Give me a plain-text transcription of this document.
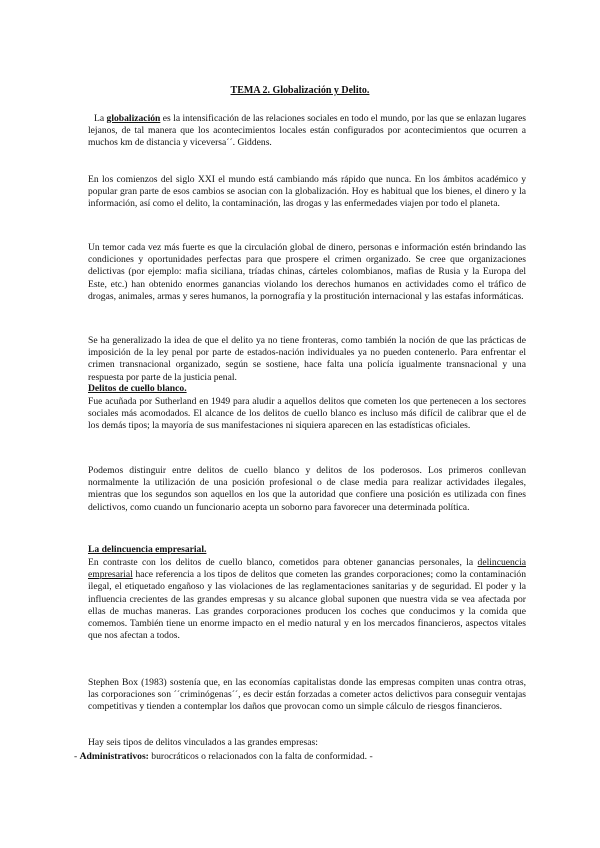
TEMA 2. Globalización y Delito.

La globalización es la intensificación de las relaciones sociales en todo el mundo, por las que se enlazan lugares lejanos, de tal manera que los acontecimientos locales están configurados por acontecimientos que ocurren a muchos km de distancia y viceversa´´. Giddens.

En los comienzos del siglo XXI el mundo está cambiando más rápido que nunca. En los ámbitos académico y popular gran parte de esos cambios se asocian con la globalización. Hoy es habitual que los bienes, el dinero y la información, así como el delito, la contaminación, las drogas y las enfermedades viajen por todo el planeta.

Un temor cada vez más fuerte es que la circulación global de dinero, personas e información estén brindando las condiciones y oportunidades perfectas para que prospere el crimen organizado. Se cree que organizaciones delictivas (por ejemplo: mafia siciliana, tríadas chinas, cárteles colombianos, mafias de Rusia y la Europa del Este, etc.) han obtenido enormes ganancias violando los derechos humanos en actividades como el tráfico de drogas, animales, armas y seres humanos, la pornografía y la prostitución internacional y las estafas informáticas.

Se ha generalizado la idea de que el delito ya no tiene fronteras, como también la noción de que las prácticas de imposición de la ley penal por parte de estados-nación individuales ya no pueden contenerlo. Para enfrentar el crimen transnacional organizado, según se sostiene, hace falta una policía igualmente transnacional y una respuesta por parte de la justicia penal.

Delitos de cuello blanco.

Fue acuñada por Sutherland en 1949 para aludir a aquellos delitos que cometen los que pertenecen a los sectores sociales más acomodados. El alcance de los delitos de cuello blanco es incluso más difícil de calibrar que el de los demás tipos; la mayoría de sus manifestaciones ni siquiera aparecen en las estadísticas oficiales.

Podemos distinguir entre delitos de cuello blanco y delitos de los poderosos. Los primeros conllevan normalmente la utilización de una posición profesional o de clase media para realizar actividades ilegales, mientras que los segundos son aquellos en los que la autoridad que confiere una posición es utilizada con fines delictivos, como cuando un funcionario acepta un soborno para favorecer una determinada política.

La delincuencia empresarial.

En contraste con los delitos de cuello blanco, cometidos para obtener ganancias personales, la delincuencia empresarial hace referencia a los tipos de delitos que cometen las grandes corporaciones; como la contaminación ilegal, el etiquetado engañoso y las violaciones de las reglamentaciones sanitarias y de seguridad. El poder y la influencia crecientes de las grandes empresas y su alcance global suponen que nuestra vida se vea afectada por ellas de muchas maneras. Las grandes corporaciones producen los coches que conducimos y la comida que comemos. También tiene un enorme impacto en el medio natural y en los mercados financieros, aspectos vitales que nos afectan a todos.

Stephen Box (1983) sostenía que, en las economías capitalistas donde las empresas compiten unas contra otras, las corporaciones son ´´criminógenas´´, es decir están forzadas a cometer actos delictivos para conseguir ventajas competitivas y tienden a contemplar los daños que provocan como un simple cálculo de riesgos financieros.

Hay seis tipos de delitos vinculados a las grandes empresas:

- Administrativos: burocráticos o relacionados con la falta de conformidad. -
